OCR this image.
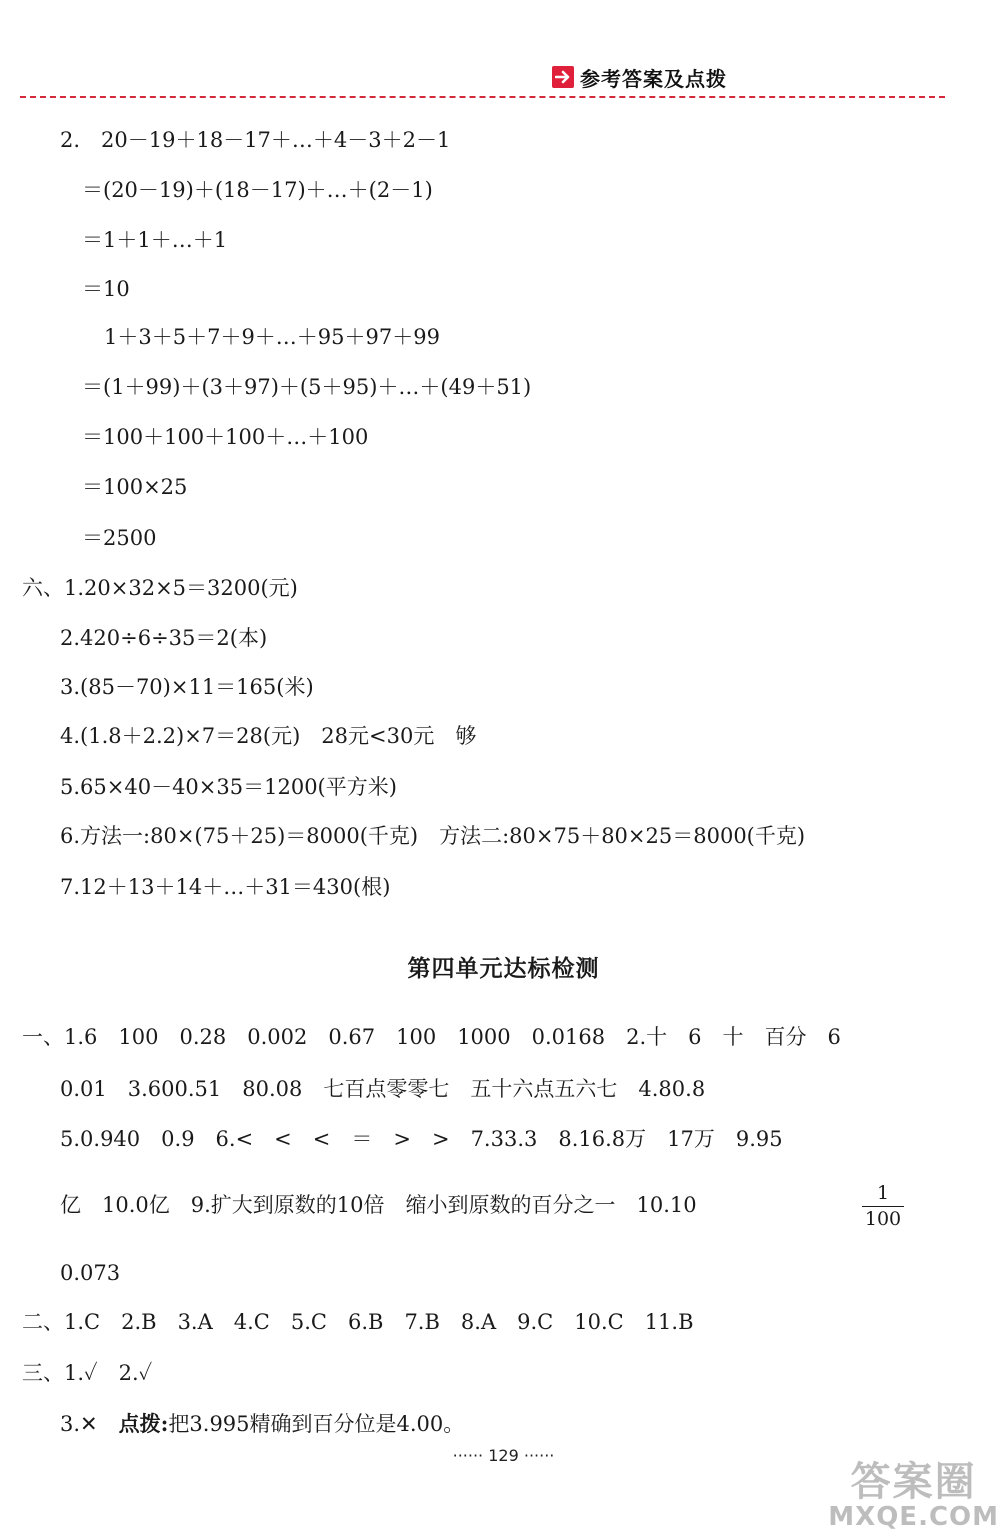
参考答案及点拨
2.　20－19＋18－17＋…＋4－3＋2－1
＝(20－19)＋(18－17)＋…＋(2－1)
＝1＋1＋…＋1
＝10
1＋3＋5＋7＋9＋…＋95＋97＋99
＝(1＋99)＋(3＋97)＋(5＋95)＋…＋(49＋51)
＝100＋100＋100＋…＋100
＝100×25
＝2500
六、1.20×32×5＝3200(元)
2.420÷6÷35＝2(本)
3.(85－70)×11＝165(米)
4.(1.8＋2.2)×7＝28(元)　28元<30元　够
5.65×40－40×35＝1200(平方米)
6.方法一:80×(75＋25)＝8000(千克)　方法二:80×75＋80×25＝8000(千克)
7.12＋13＋14＋…＋31＝430(根)
第四单元达标检测
一、1.6　100　0.28　0.002　0.67　100　1000　0.0168　2.十　6　十　百分　6
0.01　3.600.51　80.08　七百点零零七　五十六点五六七　4.80.8
5.0.940　0.9　6.<　<　<　＝　>　>　7.33.3　8.16.8万　17万　9.95
亿　10.0亿　9.扩大到原数的10倍　缩小到原数的百分之一　10.10	1
100
0.073
二、1.C　2.B　3.A　4.C　5.C　6.B　7.B　8.A　9.C　10.C　11.B
三、1.✓　2.✓
3.✕　点拨:把3.995精确到百分位是4.00。
······ 129 ······
答案圈
MXQE.COM
